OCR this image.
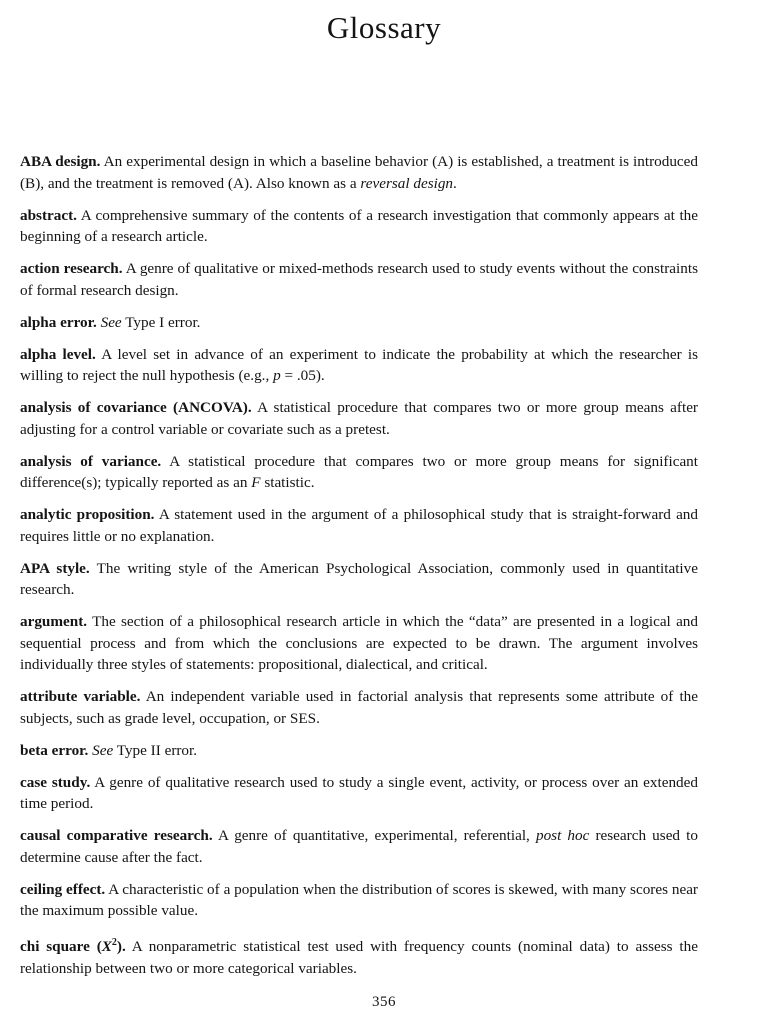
Glossary

ABA design. An experimental design in which a baseline behavior (A) is established, a treatment is introduced (B), and the treatment is removed (A). Also known as a reversal design.

abstract. A comprehensive summary of the contents of a research investigation that commonly appears at the beginning of a research article.

action research. A genre of qualitative or mixed-methods research used to study events without the constraints of formal research design.

alpha error. See Type I error.

alpha level. A level set in advance of an experiment to indicate the probability at which the researcher is willing to reject the null hypothesis (e.g., p = .05).

analysis of covariance (ANCOVA). A statistical procedure that compares two or more group means after adjusting for a control variable or covariate such as a pretest.

analysis of variance. A statistical procedure that compares two or more group means for significant difference(s); typically reported as an F statistic.

analytic proposition. A statement used in the argument of a philosophical study that is straight-forward and requires little or no explanation.

APA style. The writing style of the American Psychological Association, commonly used in quantitative research.

argument. The section of a philosophical research article in which the “data” are presented in a logical and sequential process and from which the conclusions are expected to be drawn. The argument involves individually three styles of statements: propositional, dialectical, and critical.

attribute variable. An independent variable used in factorial analysis that represents some attribute of the subjects, such as grade level, occupation, or SES.

beta error. See Type II error.

case study. A genre of qualitative research used to study a single event, activity, or process over an extended time period.

causal comparative research. A genre of quantitative, experimental, referential, post hoc research used to determine cause after the fact.

ceiling effect. A characteristic of a population when the distribution of scores is skewed, with many scores near the maximum possible value.

chi square $(X^2)$. A nonparametric statistical test used with frequency counts (nominal data) to assess the relationship between two or more categorical variables.

356
